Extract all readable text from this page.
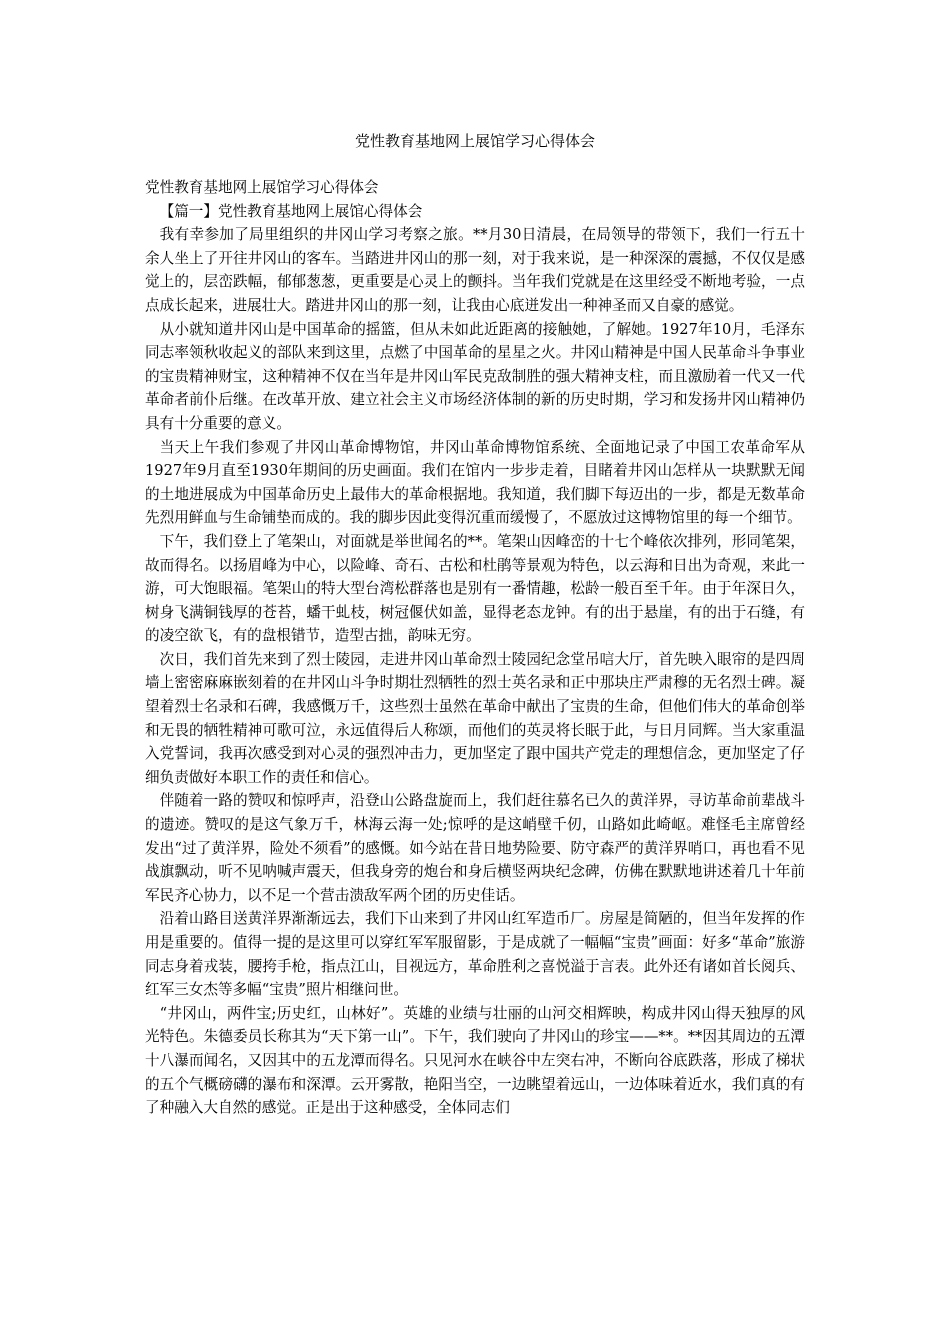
党性教育基地网上展馆学习心得体会

党性教育基地网上展馆学习心得体会

【篇一】党性教育基地网上展馆心得体会

我有幸参加了局里组织的井冈山学习考察之旅。**月30日清晨，在局领导的带领下，我们一行五十余人坐上了开往井冈山的客车。当踏进井冈山的那一刻，对于我来说，是一种深深的震撼，不仅仅是感觉上的，层峦跌幅，郁郁葱葱，更重要是心灵上的颤抖。当年我们党就是在这里经受不断地考验，一点点成长起来，进展壮大。踏进井冈山的那一刻，让我由心底迸发出一种神圣而又自豪的感觉。

从小就知道井冈山是中国革命的摇篮，但从未如此近距离的接触她，了解她。1927年10月，毛泽东同志率领秋收起义的部队来到这里，点燃了中国革命的星星之火。井冈山精神是中国人民革命斗争事业的宝贵精神财宝，这种精神不仅在当年是井冈山军民克敌制胜的强大精神支柱，而且激励着一代又一代革命者前仆后继。在改革开放、建立社会主义市场经济体制的新的历史时期，学习和发扬井冈山精神仍具有十分重要的意义。

当天上午我们参观了井冈山革命博物馆，井冈山革命博物馆系统、全面地记录了中国工农革命军从1927年9月直至1930年期间的历史画面。我们在馆内一步步走着，目睹着井冈山怎样从一块默默无闻的土地进展成为中国革命历史上最伟大的革命根据地。我知道，我们脚下每迈出的一步，都是无数革命先烈用鲜血与生命铺垫而成的。我的脚步因此变得沉重而缓慢了，不愿放过这博物馆里的每一个细节。

下午，我们登上了笔架山，对面就是举世闻名的**。笔架山因峰峦的十七个峰依次排列，形同笔架，故而得名。以扬眉峰为中心，以险峰、奇石、古松和杜鹃等景观为特色，以云海和日出为奇观，来此一游，可大饱眼福。笔架山的特大型台湾松群落也是别有一番情趣，松龄一般百至千年。由于年深日久，树身飞满铜钱厚的苍苔，蟠干虬枝，树冠偃伏如盖，显得老态龙钟。有的出于悬崖，有的出于石缝，有的凌空欲飞，有的盘根错节，造型古拙，韵味无穷。

次日，我们首先来到了烈士陵园，走进井冈山革命烈士陵园纪念堂吊唁大厅，首先映入眼帘的是四周墙上密密麻麻嵌刻着的在井冈山斗争时期壮烈牺牲的烈士英名录和正中那块庄严肃穆的无名烈士碑。凝望着烈士名录和石碑，我感慨万千，这些烈士虽然在革命中献出了宝贵的生命，但他们伟大的革命创举和无畏的牺牲精神可歌可泣，永远值得后人称颂，而他们的英灵将长眠于此，与日月同辉。当大家重温入党誓词，我再次感受到对心灵的强烈冲击力，更加坚定了跟中国共产党走的理想信念，更加坚定了仔细负责做好本职工作的责任和信心。

伴随着一路的赞叹和惊呼声，沿登山公路盘旋而上，我们赶往慕名已久的黄洋界，寻访革命前辈战斗的遗迹。赞叹的是这气象万千，林海云海一处;惊呼的是这峭壁千仞，山路如此崎岖。难怪毛主席曾经发出“过了黄洋界，险处不须看”的感慨。如今站在昔日地势险要、防守森严的黄洋界哨口，再也看不见战旗飘动，听不见呐喊声震天，但我身旁的炮台和身后横竖两块纪念碑，仿佛在默默地讲述着几十年前军民齐心协力，以不足一个营击溃敌军两个团的历史佳话。

沿着山路目送黄洋界渐渐远去，我们下山来到了井冈山红军造币厂。房屋是简陋的，但当年发挥的作用是重要的。值得一提的是这里可以穿红军军服留影，于是成就了一幅幅“宝贵”画面：好多“革命”旅游同志身着戎装，腰挎手枪，指点江山，目视远方，革命胜利之喜悦溢于言表。此外还有诸如首长阅兵、红军三女杰等多幅“宝贵”照片相继问世。

“井冈山，两件宝;历史红，山林好”。英雄的业绩与壮丽的山河交相辉映，构成井冈山得天独厚的风光特色。朱德委员长称其为“天下第一山”。下午，我们驶向了井冈山的珍宝——**。**因其周边的五潭十八瀑而闻名，又因其中的五龙潭而得名。只见河水在峡谷中左突右冲，不断向谷底跌落，形成了梯状的五个气概磅礴的瀑布和深潭。云开雾散，艳阳当空，一边眺望着远山，一边体味着近水，我们真的有了种融入大自然的感觉。正是出于这种感受，全体同志们
